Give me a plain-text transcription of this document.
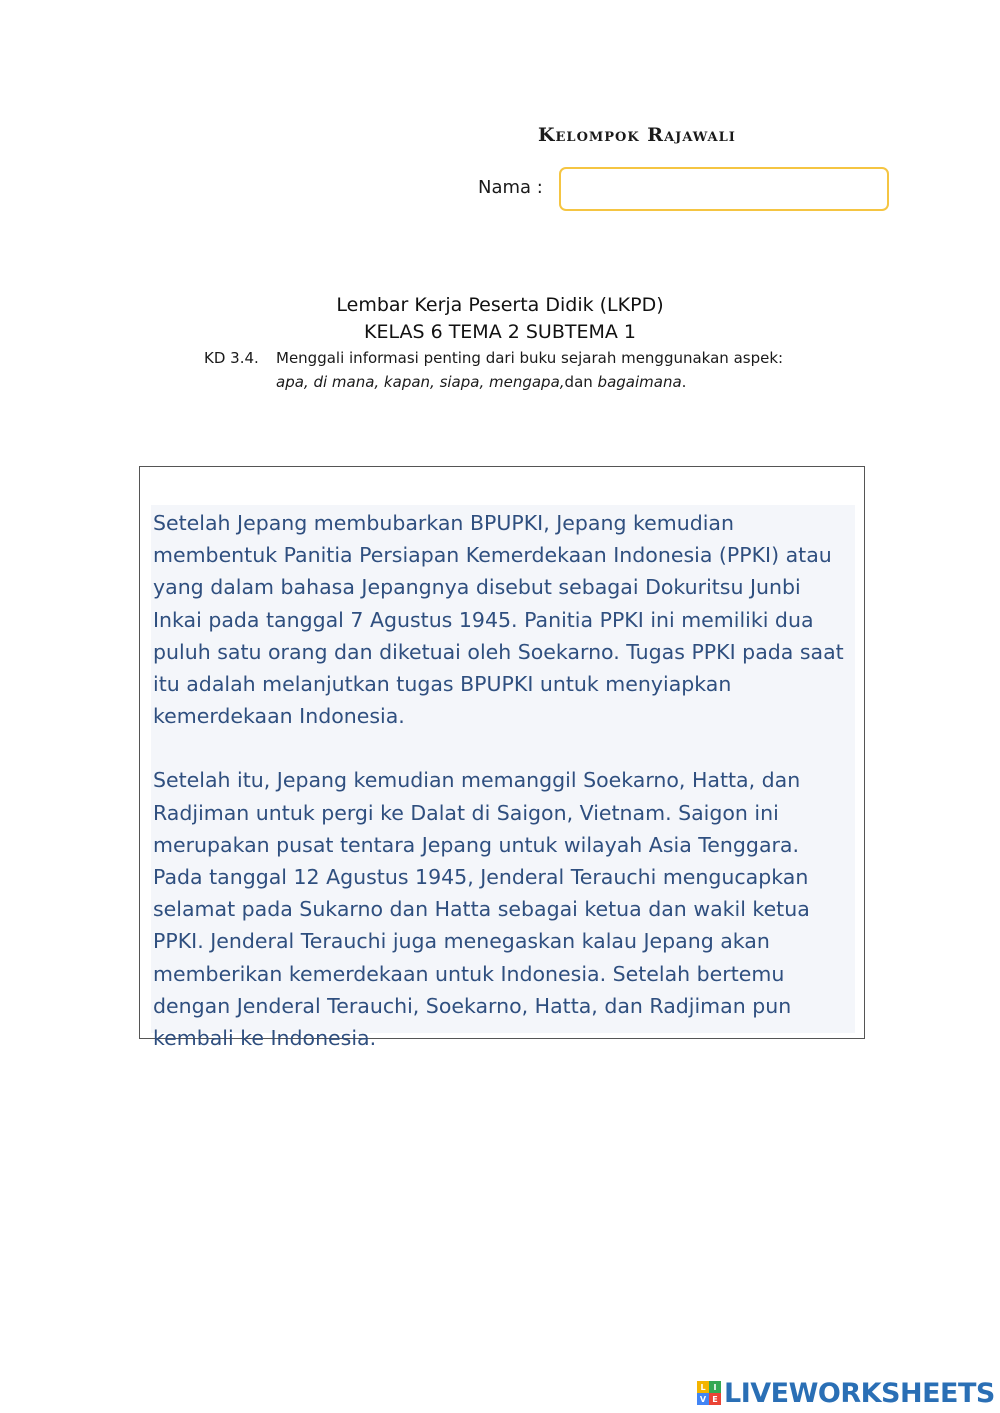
Kelompok Rajawali
Nama :
Lembar Kerja Peserta Didik (LKPD)
KELAS 6 TEMA 2 SUBTEMA 1
KD 3.4. Menggali informasi penting dari buku sejarah menggunakan aspek:
apa, di mana, kapan, siapa, mengapa,dan bagaimana.

Setelah Jepang membubarkan BPUPKI, Jepang kemudian membentuk Panitia Persiapan Kemerdekaan Indonesia (PPKI) atau yang dalam bahasa Jepangnya disebut sebagai Dokuritsu Junbi Inkai pada tanggal 7 Agustus 1945. Panitia PPKI ini memiliki dua puluh satu orang dan diketuai oleh Soekarno. Tugas PPKI pada saat itu adalah melanjutkan tugas BPUPKI untuk menyiapkan kemerdekaan Indonesia.

Setelah itu, Jepang kemudian memanggil Soekarno, Hatta, dan Radjiman untuk pergi ke Dalat di Saigon, Vietnam. Saigon ini merupakan pusat tentara Jepang untuk wilayah Asia Tenggara. Pada tanggal 12 Agustus 1945, Jenderal Terauchi mengucapkan selamat pada Sukarno dan Hatta sebagai ketua dan wakil ketua PPKI. Jenderal Terauchi juga menegaskan kalau Jepang akan memberikan kemerdekaan untuk Indonesia. Setelah bertemu dengan Jenderal Terauchi, Soekarno, Hatta, dan Radjiman pun kembali ke Indonesia.

L I
V E LIVEWORKSHEETS
